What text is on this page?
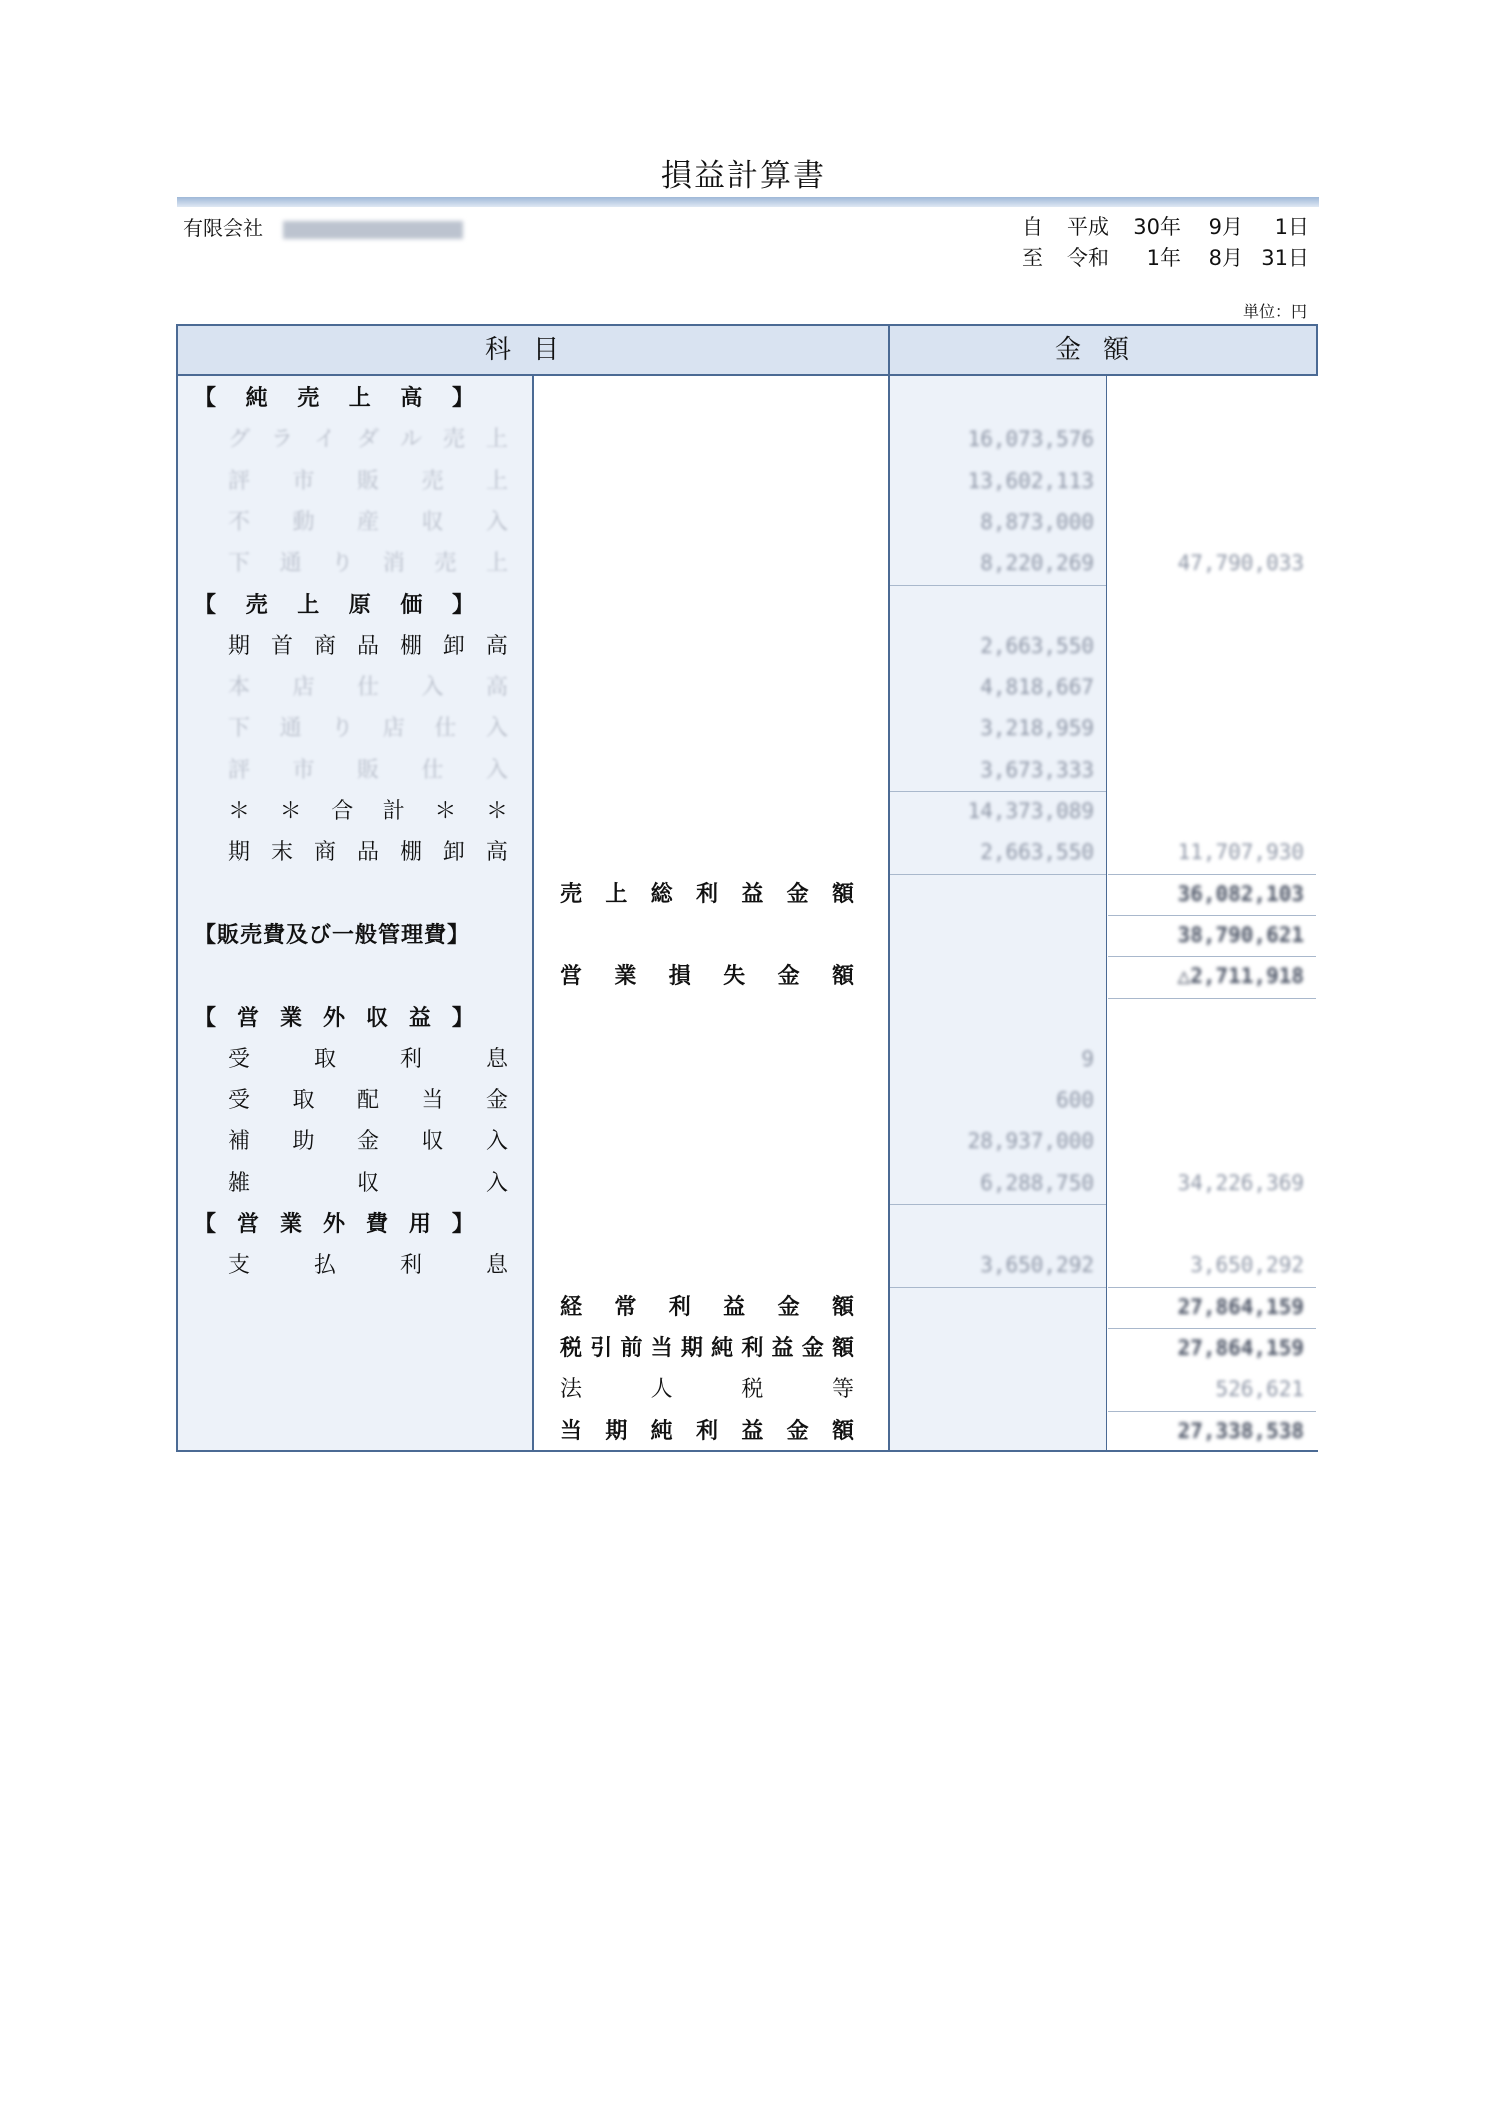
損益計算書
有限会社	自	平成	30年	9月	1日
至	令和	1年	8月 31日
単位：円
科目	金額
【 純 売 上 高 】
グ ラ イ ダ ル 売 上	16,073,576
評 市 販 売 上	13,602,113
不 動 産 収 入	8,873,000
下 通 り 消 売 上	8,220,269	47,790,033
【 売 上 原 価 】
期 首 商 品 棚 卸 高	2,663,550
本 店 仕 入 高	4,818,667
下 通 り 店 仕 入	3,218,959
評 市 販 仕 入	3,673,333
＊ ＊ 合 計 ＊ ＊	14,373,089
期 末 商 品 棚 卸 高	2,663,550	11,707,930
売 上 総 利 益 金 額	36,082,103
【販売費及び一般管理費】	38,790,621
営 業 損 失 金 額	△2,711,918
【 営 業 外 収 益 】
受	取	利	息	9
受 取 配 当 金	600
補 助 金 収 入	28,937,000
雑	収	入	6,288,750	34,226,369
【 営 業 外 費 用 】
支	払	利	息	3,650,292	3,650,292
経 常 利 益 金 額	27,864,159
税 引 前 当 期 純 利 益 金 額	27,864,159
法	人	税	等	526,621
当 期 純 利 益 金 額	27,338,538
